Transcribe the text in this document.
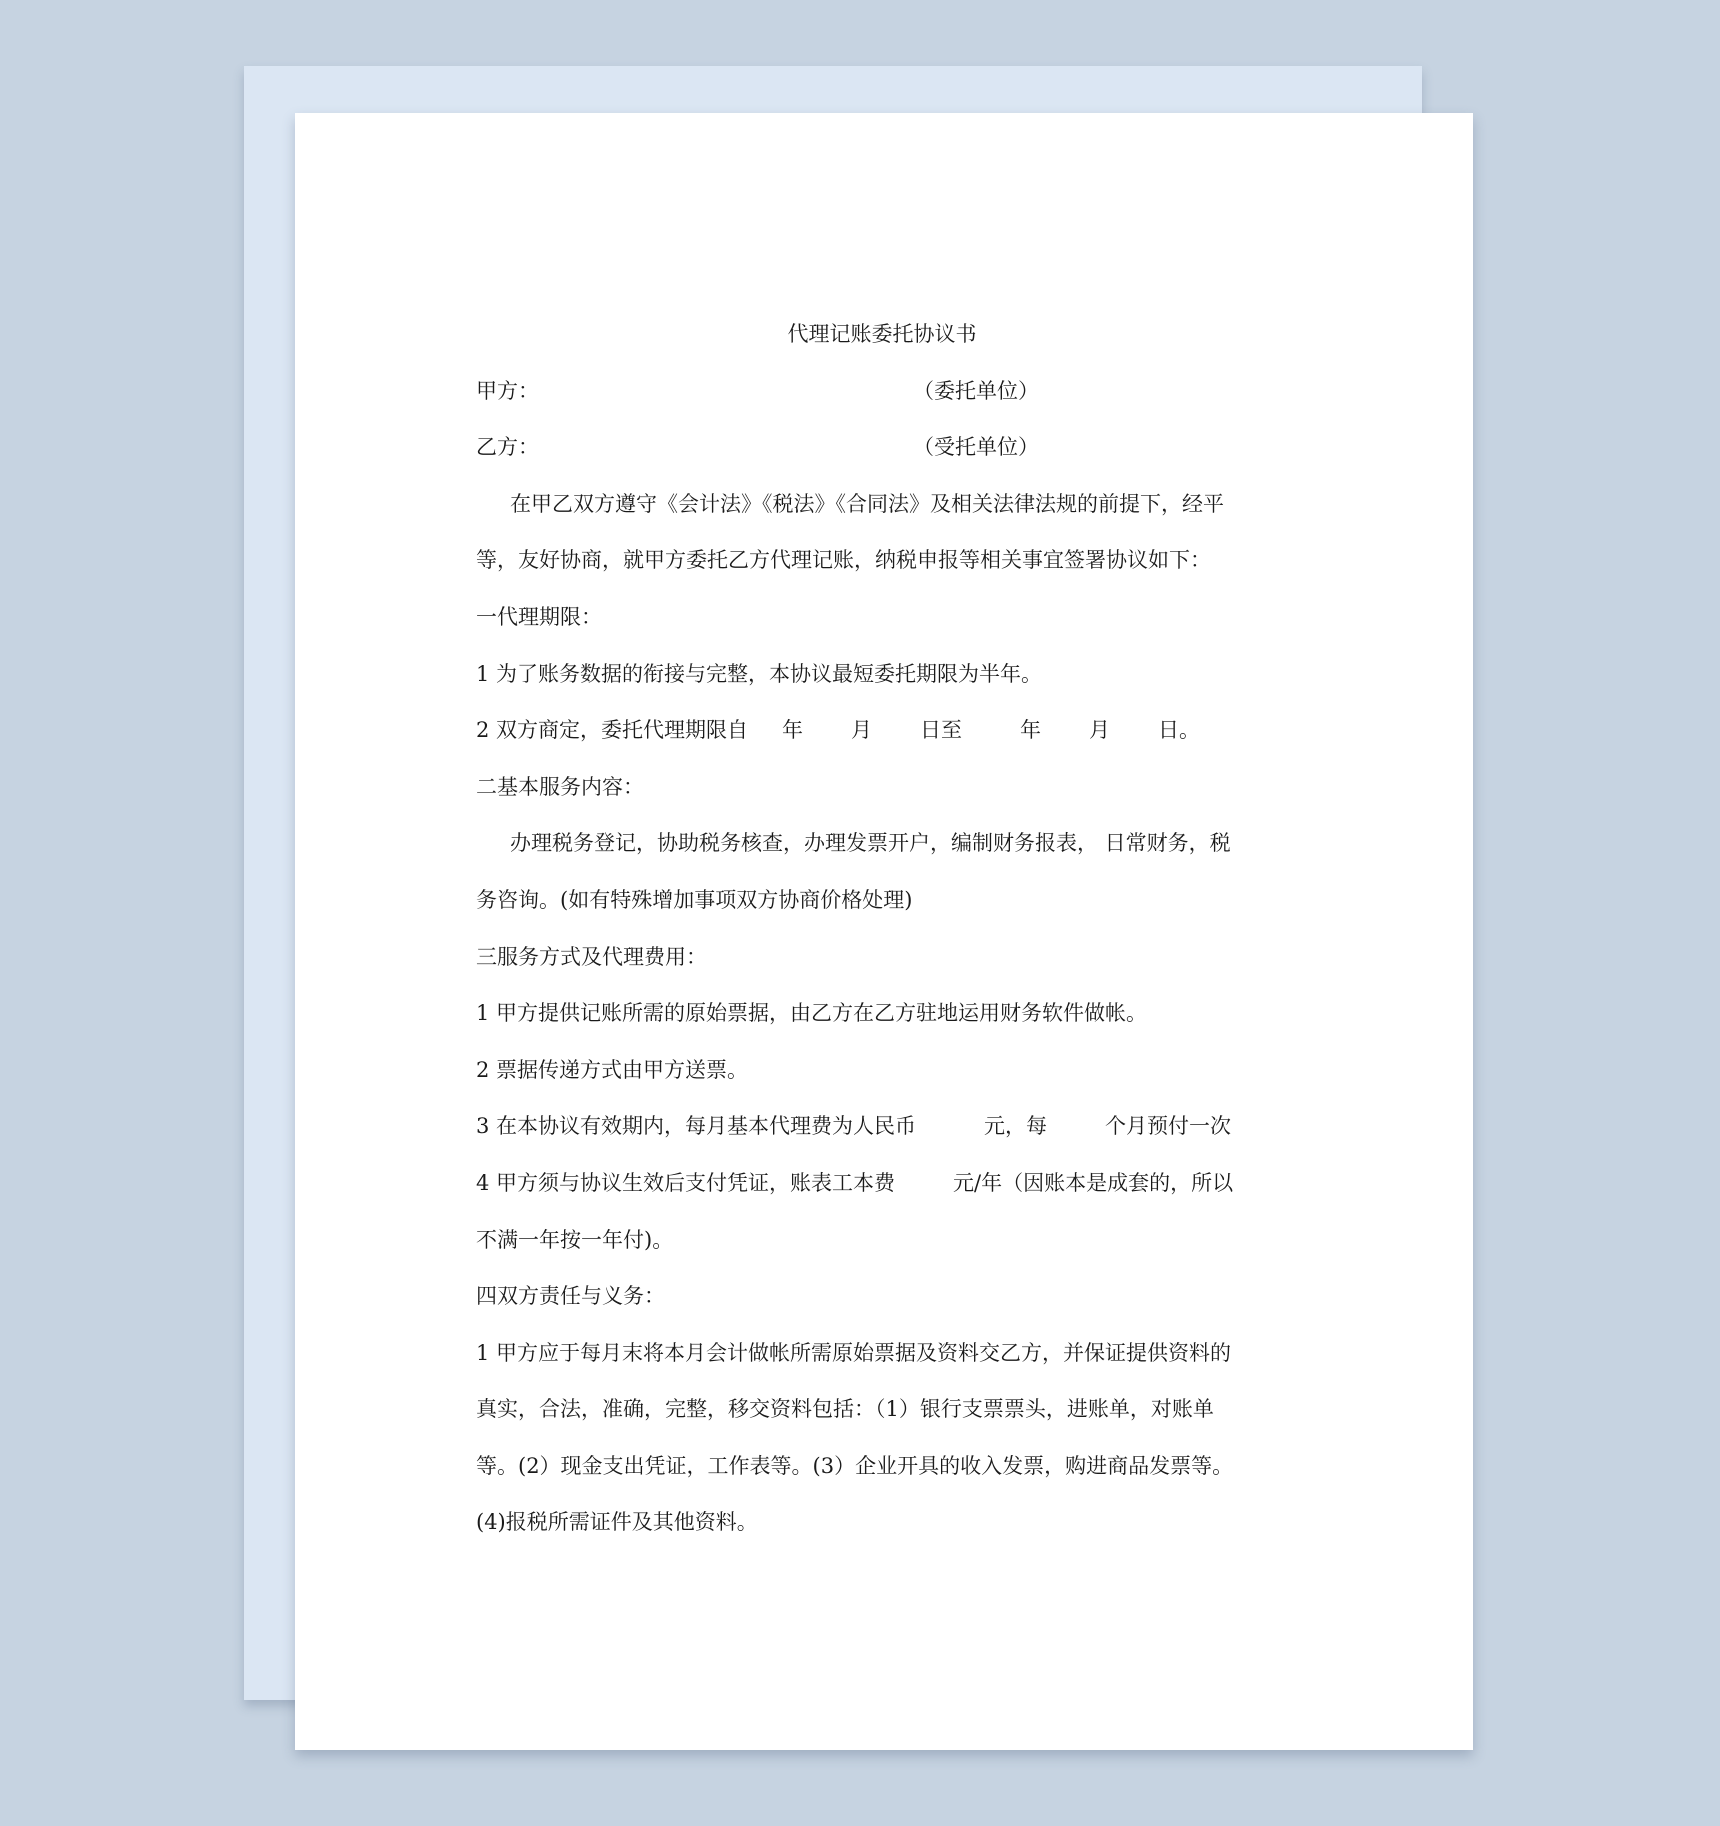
代理记账委托协议书
甲方：	（委托单位）
乙方：	（受托单位）
在甲乙双方遵守《会计法》《税法》《合同法》及相关法律法规的前提下，经平
等，友好协商，就甲方委托乙方代理记账，纳税申报等相关事宜签署协议如下：
一代理期限：
1 为了账务数据的衔接与完整，本协议最短委托期限为半年。
2 双方商定，委托代理期限自 年 月 日至	年 月 日。
二基本服务内容：
办理税务登记，协助税务核查，办理发票开户，编制财务报表， 日常财务，税
务咨询。(如有特殊增加事项双方协商价格处理)
三服务方式及代理费用：
1 甲方提供记账所需的原始票据，由乙方在乙方驻地运用财务软件做帐。
2 票据传递方式由甲方送票。
3 在本协议有效期内，每月基本代理费为人民币	元，每	个月预付一次
4 甲方须与协议生效后支付凭证，账表工本费	元/年（因账本是成套的，所以
不满一年按一年付)。
四双方责任与义务：
1 甲方应于每月末将本月会计做帐所需原始票据及资料交乙方，并保证提供资料的
真实，合法，准确，完整，移交资料包括：（1）银行支票票头，进账单，对账单
等。(2）现金支出凭证，工作表等。(3）企业开具的收入发票，购进商品发票等。
(4)报税所需证件及其他资料。
